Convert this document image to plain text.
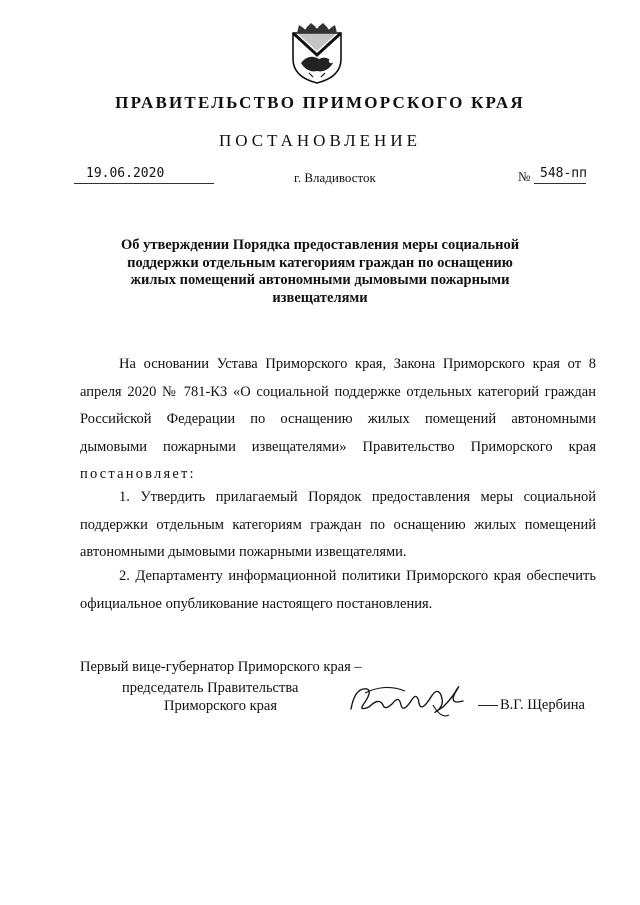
ПРАВИТЕЛЬСТВО ПРИМОРСКОГО КРАЯ
ПОСТАНОВЛЕНИЕ
19.06.2020	г. Владивосток	№ 548-пп
Об утверждении Порядка предоставления меры социальной поддержки отдельным категориям граждан по оснащению жилых помещений автономными дымовыми пожарными извещателями
На основании Устава Приморского края, Закона Приморского края от 8 апреля 2020 № 781-КЗ «О социальной поддержке отдельных категорий граждан Российской Федерации по оснащению жилых помещений автономными дымовыми пожарными извещателями» Правительство Приморского края постановляет:
1. Утвердить прилагаемый Порядок предоставления меры социальной поддержки отдельным категориям граждан по оснащению жилых помещений автономными дымовыми пожарными извещателями.
2. Департаменту информационной политики Приморского края обеспечить официальное опубликование настоящего постановления.
Первый вице-губернатор Приморского края –
председатель Правительства
Приморского края	В.Г. Щербина
